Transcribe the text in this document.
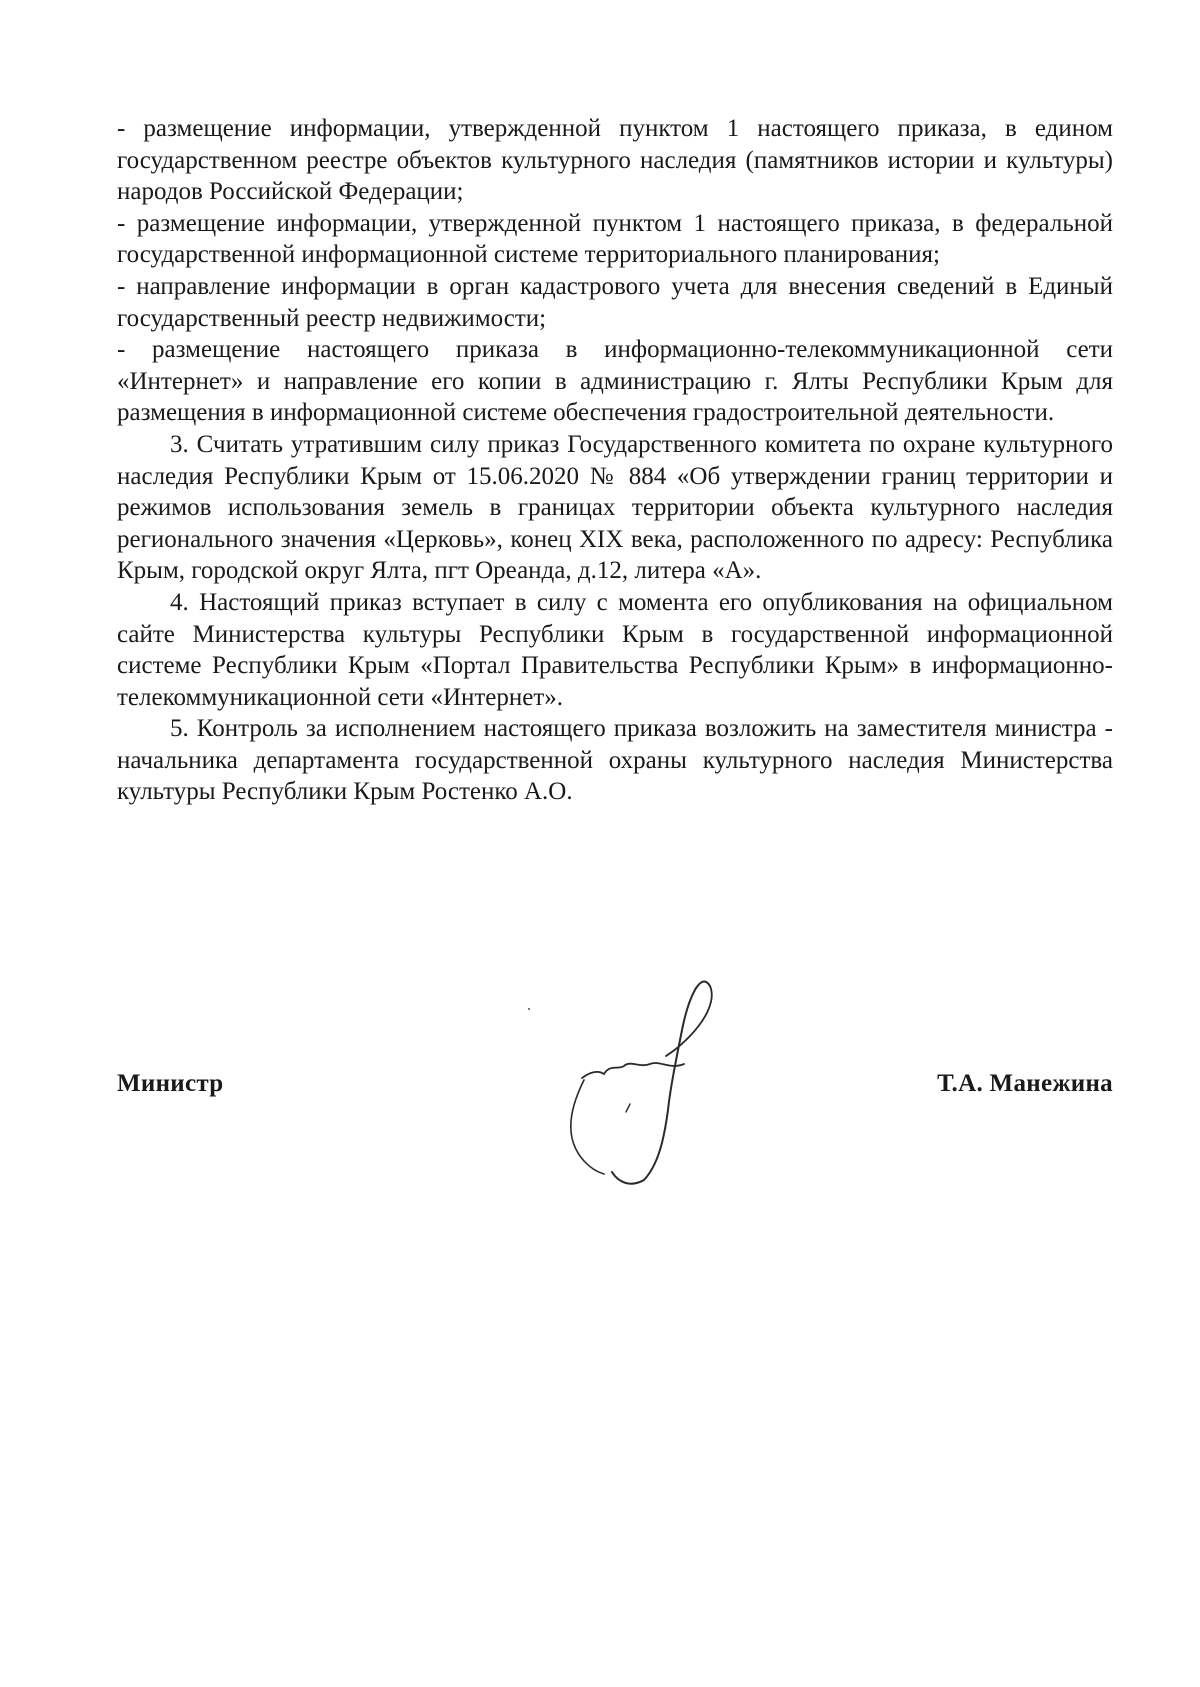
- размещение информации, утвержденной пунктом 1 настоящего приказа, в едином государственном реестре объектов культурного наследия (памятников истории и культуры) народов Российской Федерации;

- размещение информации, утвержденной пунктом 1 настоящего приказа, в федеральной государственной информационной системе территориального планирования;

- направление информации в орган кадастрового учета для внесения сведений в Единый государственный реестр недвижимости;

- размещение настоящего приказа в информационно-телекоммуникационной сети «Интернет» и направление его копии в администрацию г. Ялты Республики Крым для размещения в информационной системе обеспечения градостроительной деятельности.

3. Считать утратившим силу приказ Государственного комитета по охране культурного наследия Республики Крым от 15.06.2020 № 884 «Об утверждении границ территории и режимов использования земель в границах территории объекта культурного наследия регионального значения «Церковь», конец XIX века, расположенного по адресу: Республика Крым, городской округ Ялта, пгт Ореанда, д.12, литера «А».

4. Настоящий приказ вступает в силу с момента его опубликования на официальном сайте Министерства культуры Республики Крым в государственной информационной системе Республики Крым «Портал Правительства Республики Крым» в информационно-телекоммуникационной сети «Интернет».

5. Контроль за исполнением настоящего приказа возложить на заместителя министра - начальника департамента государственной охраны культурного наследия Министерства культуры Республики Крым Ростенко А.О.

Министр	Т.А. Манежина
